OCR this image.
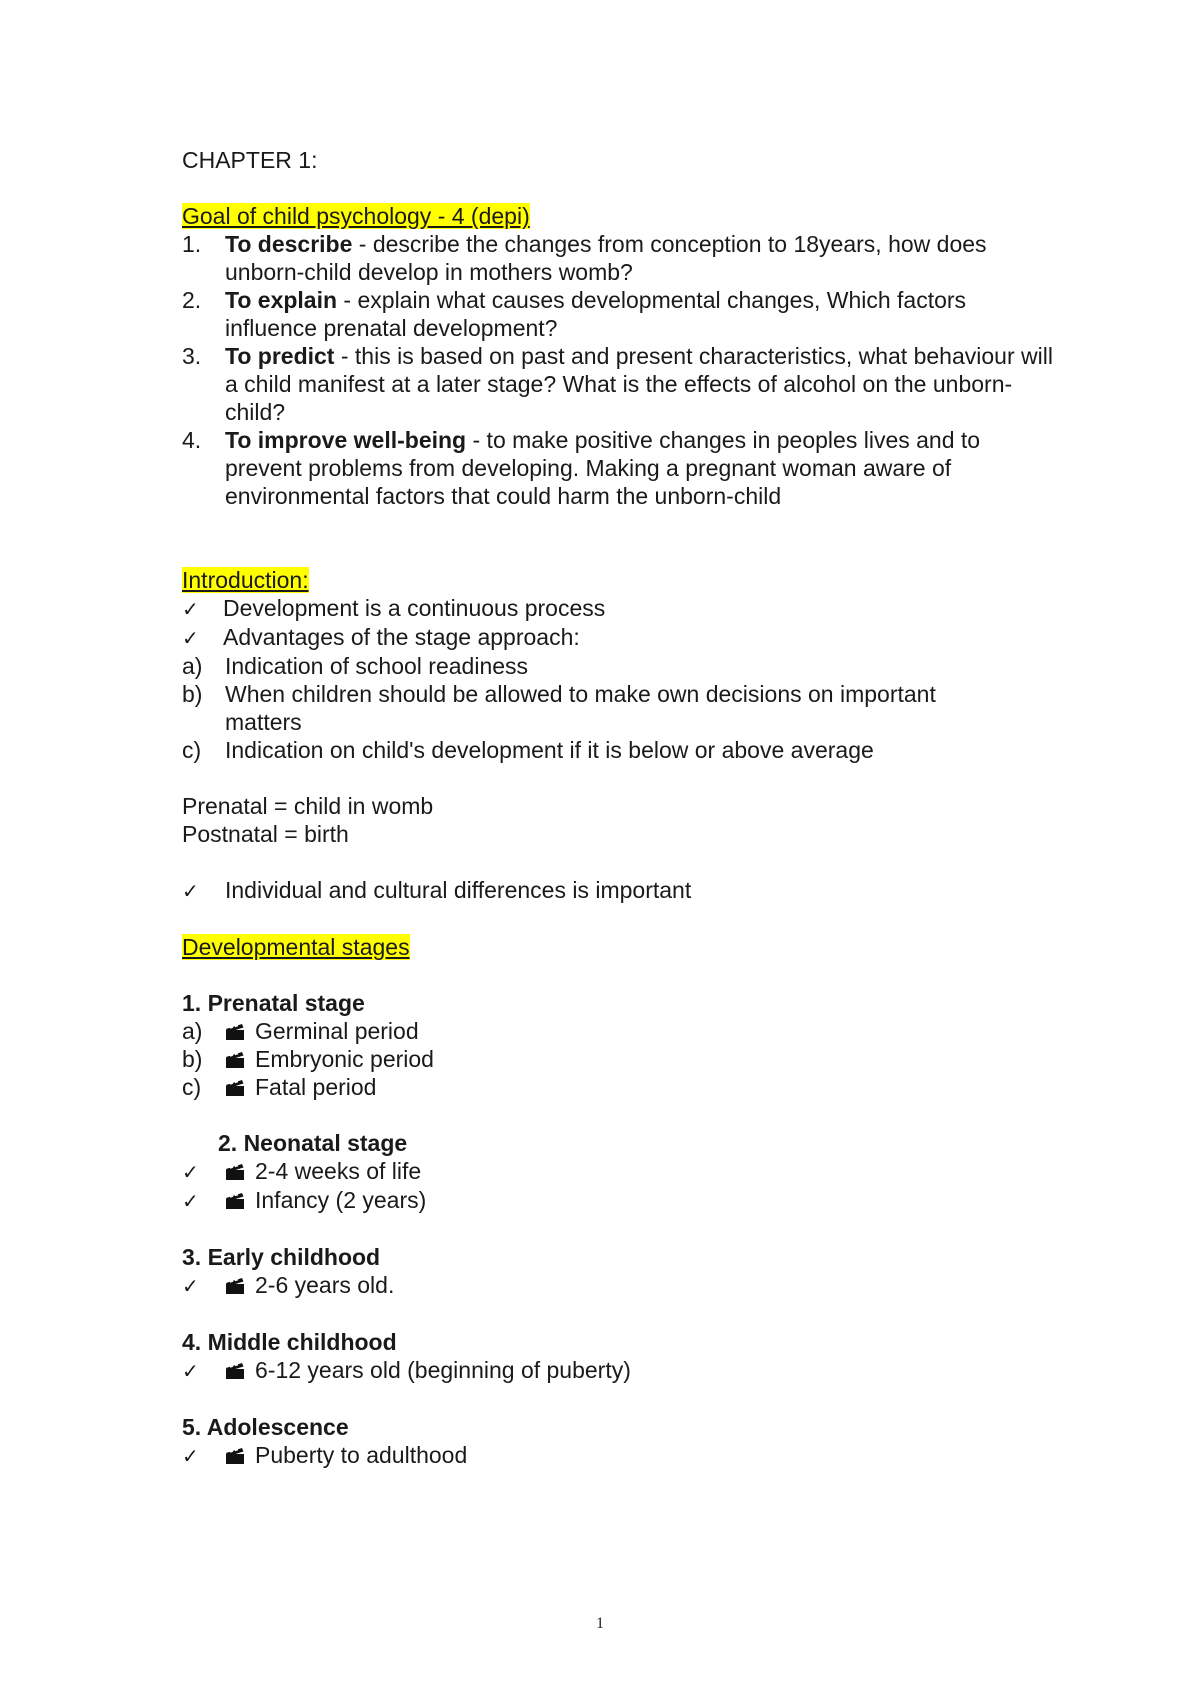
CHAPTER 1:
Goal of child psychology - 4 (depi)
1.	To describe - describe the changes from conception to 18years, how does unborn-child develop in mothers womb?
2.	To explain - explain what causes developmental changes, Which factors influence prenatal development?
3.	To predict - this is based on past and present characteristics, what behaviour will a child manifest at a later stage? What is the effects of alcohol on the unborn-child?
4.	To improve well-being - to make positive changes in peoples lives and to prevent problems from developing. Making a pregnant woman aware of environmental factors that could harm the unborn-child
Introduction:
✓	Development is a continuous process
✓	Advantages of the stage approach:
a) Indication of school readiness
b) When children should be allowed to make own decisions on important matters
c)	Indication on child's development if it is below or above average
Prenatal = child in womb
Postnatal = birth
✓	Individual and cultural differences is important
Developmental stages
1. Prenatal stage
a)	Germinal period
b)	Embryonic period
c)	Fatal period
2. Neonatal stage
✓	2-4 weeks of life
✓	Infancy (2 years)
3. Early childhood
✓	2-6 years old.
4. Middle childhood
✓	6-12 years old (beginning of puberty)
5. Adolescence
✓	Puberty to adulthood
1
